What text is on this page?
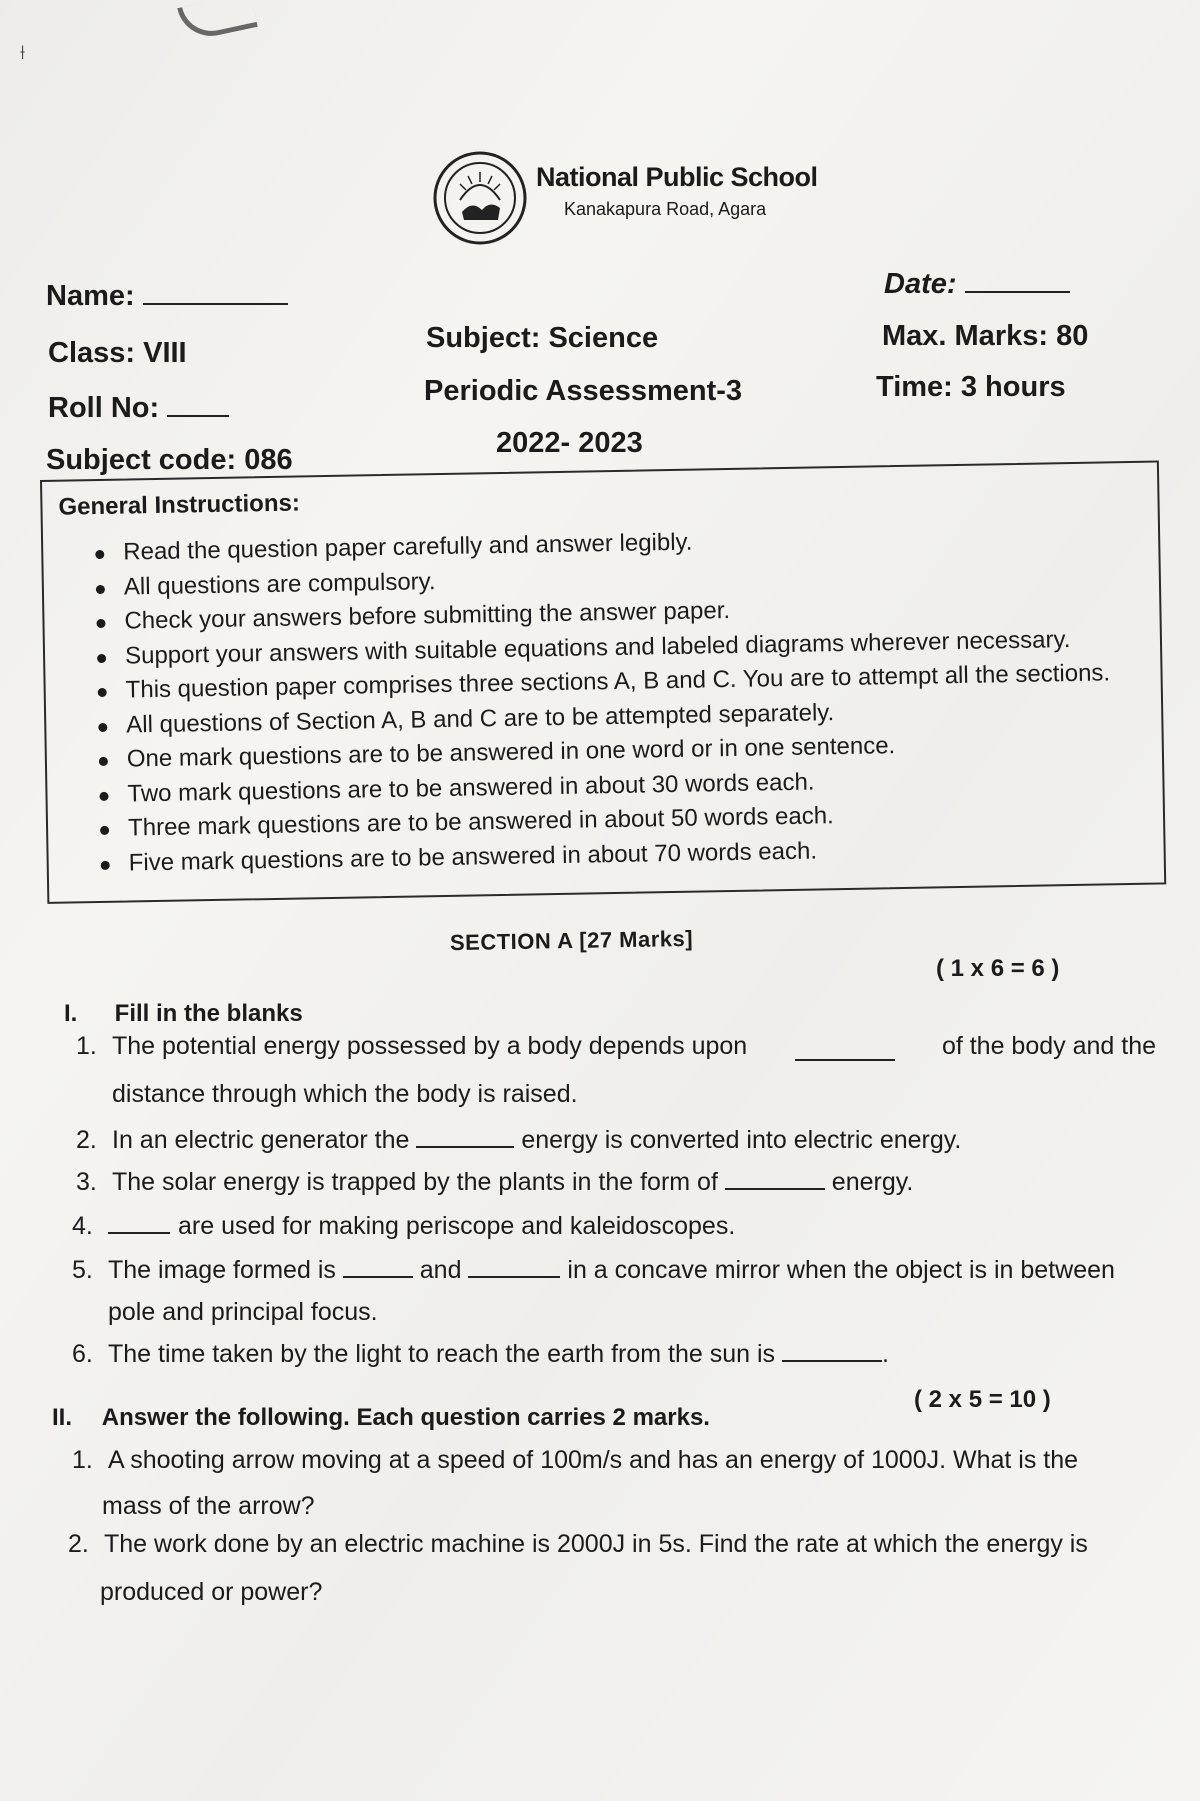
⟊
National Public School
Kanakapura Road, Agara
Name:	Date:
Class: VIII	Subject: Science	Max. Marks: 80
Roll No:
Periodic Assessment-3	Time: 3 hours
Subject code: 086
2022- 2023
General Instructions:
Read the question paper carefully and answer legibly.
All questions are compulsory.
Check your answers before submitting the answer paper.
Support your answers with suitable equations and labeled diagrams wherever necessary.
This question paper comprises three sections A, B and C. You are to attempt all the sections.
All questions of Section A, B and C are to be attempted separately.
One mark questions are to be answered in one word or in one sentence.
Two mark questions are to be answered in about 30 words each.
Three mark questions are to be answered in about 50 words each.
Five mark questions are to be answered in about 70 words each.
SECTION A [27 Marks]
( 1 x 6 = 6 )
I. Fill in the blanks
1. The potential energy possessed by a body depends upon	of the body and the
distance through which the body is raised.
2. In an electric generator the	energy is converted into electric energy.
3. The solar energy is trapped by the plants in the form of	energy.
4.	are used for making periscope and kaleidoscopes.
5. The image formed is	and	in a concave mirror when the object is in between
pole and principal focus.
6. The time taken by the light to reach the earth from the sun is	.
( 2 x 5 = 10 )
II. Answer the following. Each question carries 2 marks.
1. A shooting arrow moving at a speed of 100m/s and has an energy of 1000J. What is the
mass of the arrow?
2. The work done by an electric machine is 2000J in 5s. Find the rate at which the energy is
produced or power?
